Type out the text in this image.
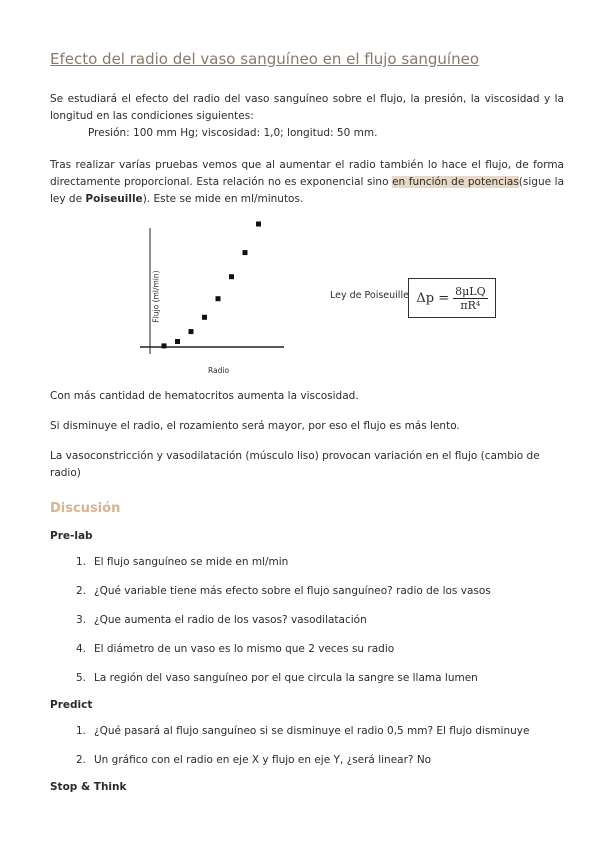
Efecto del radio del vaso sanguíneo en el flujo sanguíneo

Se estudiará el efecto del radio del vaso sanguíneo sobre el flujo, la presión, la viscosidad y la longitud en las condiciones siguientes:

Presión: 100 mm Hg; viscosidad: 1,0; longitud: 50 mm.

Tras realizar varías pruebas vemos que al aumentar el radio también lo hace el flujo, de forma directamente proporcional. Esta relación no es exponencial sino en función de potencias(sigue la ley de Poiseuille). Este se mide en ml/minutos.

Flujo (ml/min)
Radio
Ley de Poiseuille $\Delta p = \frac{\text{8μLQ}}{\text{πR⁴}}$

Con más cantidad de hematocritos aumenta la viscosidad.

Si disminuye el radio, el rozamiento será mayor, por eso el flujo es más lento.

La vasoconstricción y vasodilatación (músculo liso) provocan variación en el flujo (cambio de radio)

Discusión
Pre-lab
1. El flujo sanguíneo se mide en ml/min
2. ¿Qué variable tiene más efecto sobre el flujo sanguíneo? radio de los vasos
3. ¿Que aumenta el radio de los vasos? vasodilatación
4. El diámetro de un vaso es lo mismo que 2 veces su radio
5. La región del vaso sanguíneo por el que circula la sangre se llama lumen
Predict
1. ¿Qué pasará al flujo sanguíneo si se disminuye el radio 0,5 mm? El flujo disminuye
2. Un gráfico con el radio en eje X y flujo en eje Y, ¿será linear? No
Stop & Think
